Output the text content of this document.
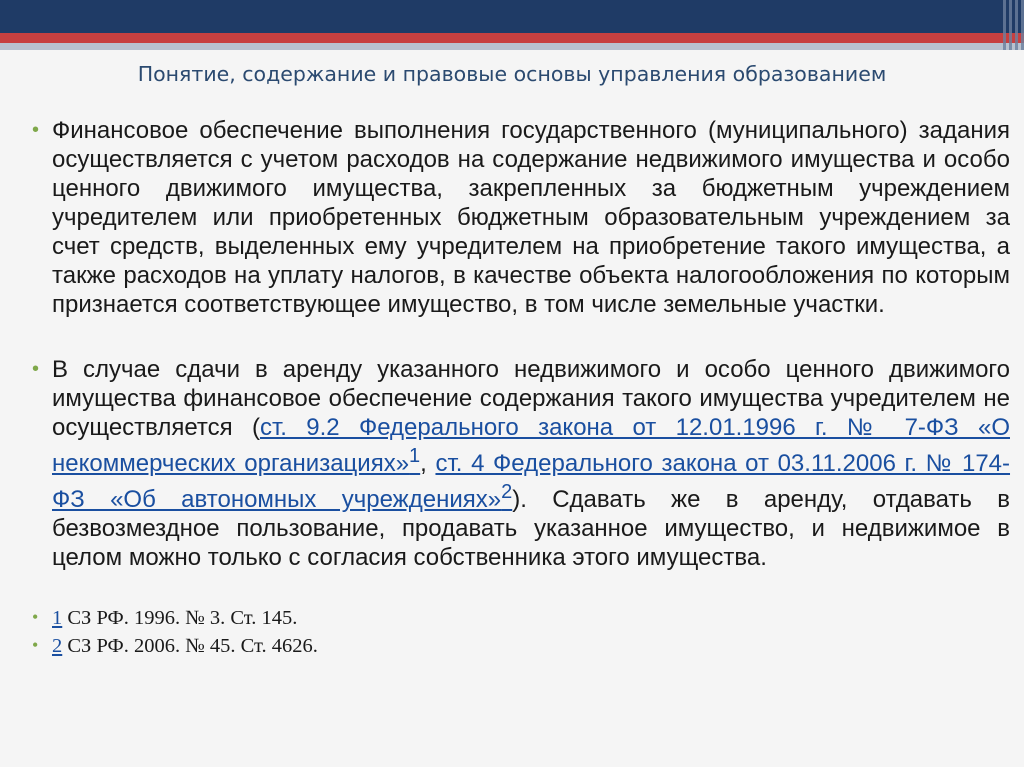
Понятие, содержание и правовые основы управления образованием
• Финансовое обеспечение выполнения государственного (муниципального) задания осуществляется с учетом расходов на содержание недвижимого имущества и особо ценного движимого имущества, закрепленных за бюджетным учреждением учредителем или приобретенных бюджетным образовательным учреждением за счет средств, выделенных ему учредителем на приобретение такого имущества, а также расходов на уплату налогов, в качестве объекта налогообложения по которым признается соответствующее имущество, в том числе земельные участки.
• В случае сдачи в аренду указанного недвижимого и особо ценного движимого имущества финансовое обеспечение содержания такого имущества учредителем не осуществляется (ст. 9.2 Федерального закона от 12.01.1996 г. № 7-ФЗ «О некоммерческих организациях»$^1$, ст. 4 Федерального закона от 03.11.2006 г. № 174-ФЗ «Об автономных учреждениях»$^2$). Сдавать же в аренду, отдавать в безвозмездное пользование, продавать указанное имущество, и недвижимое в целом можно только с согласия собственника этого имущества.
• 1 СЗ РФ. 1996. № 3. Ст. 145.
• 2 СЗ РФ. 2006. № 45. Ст. 4626.
